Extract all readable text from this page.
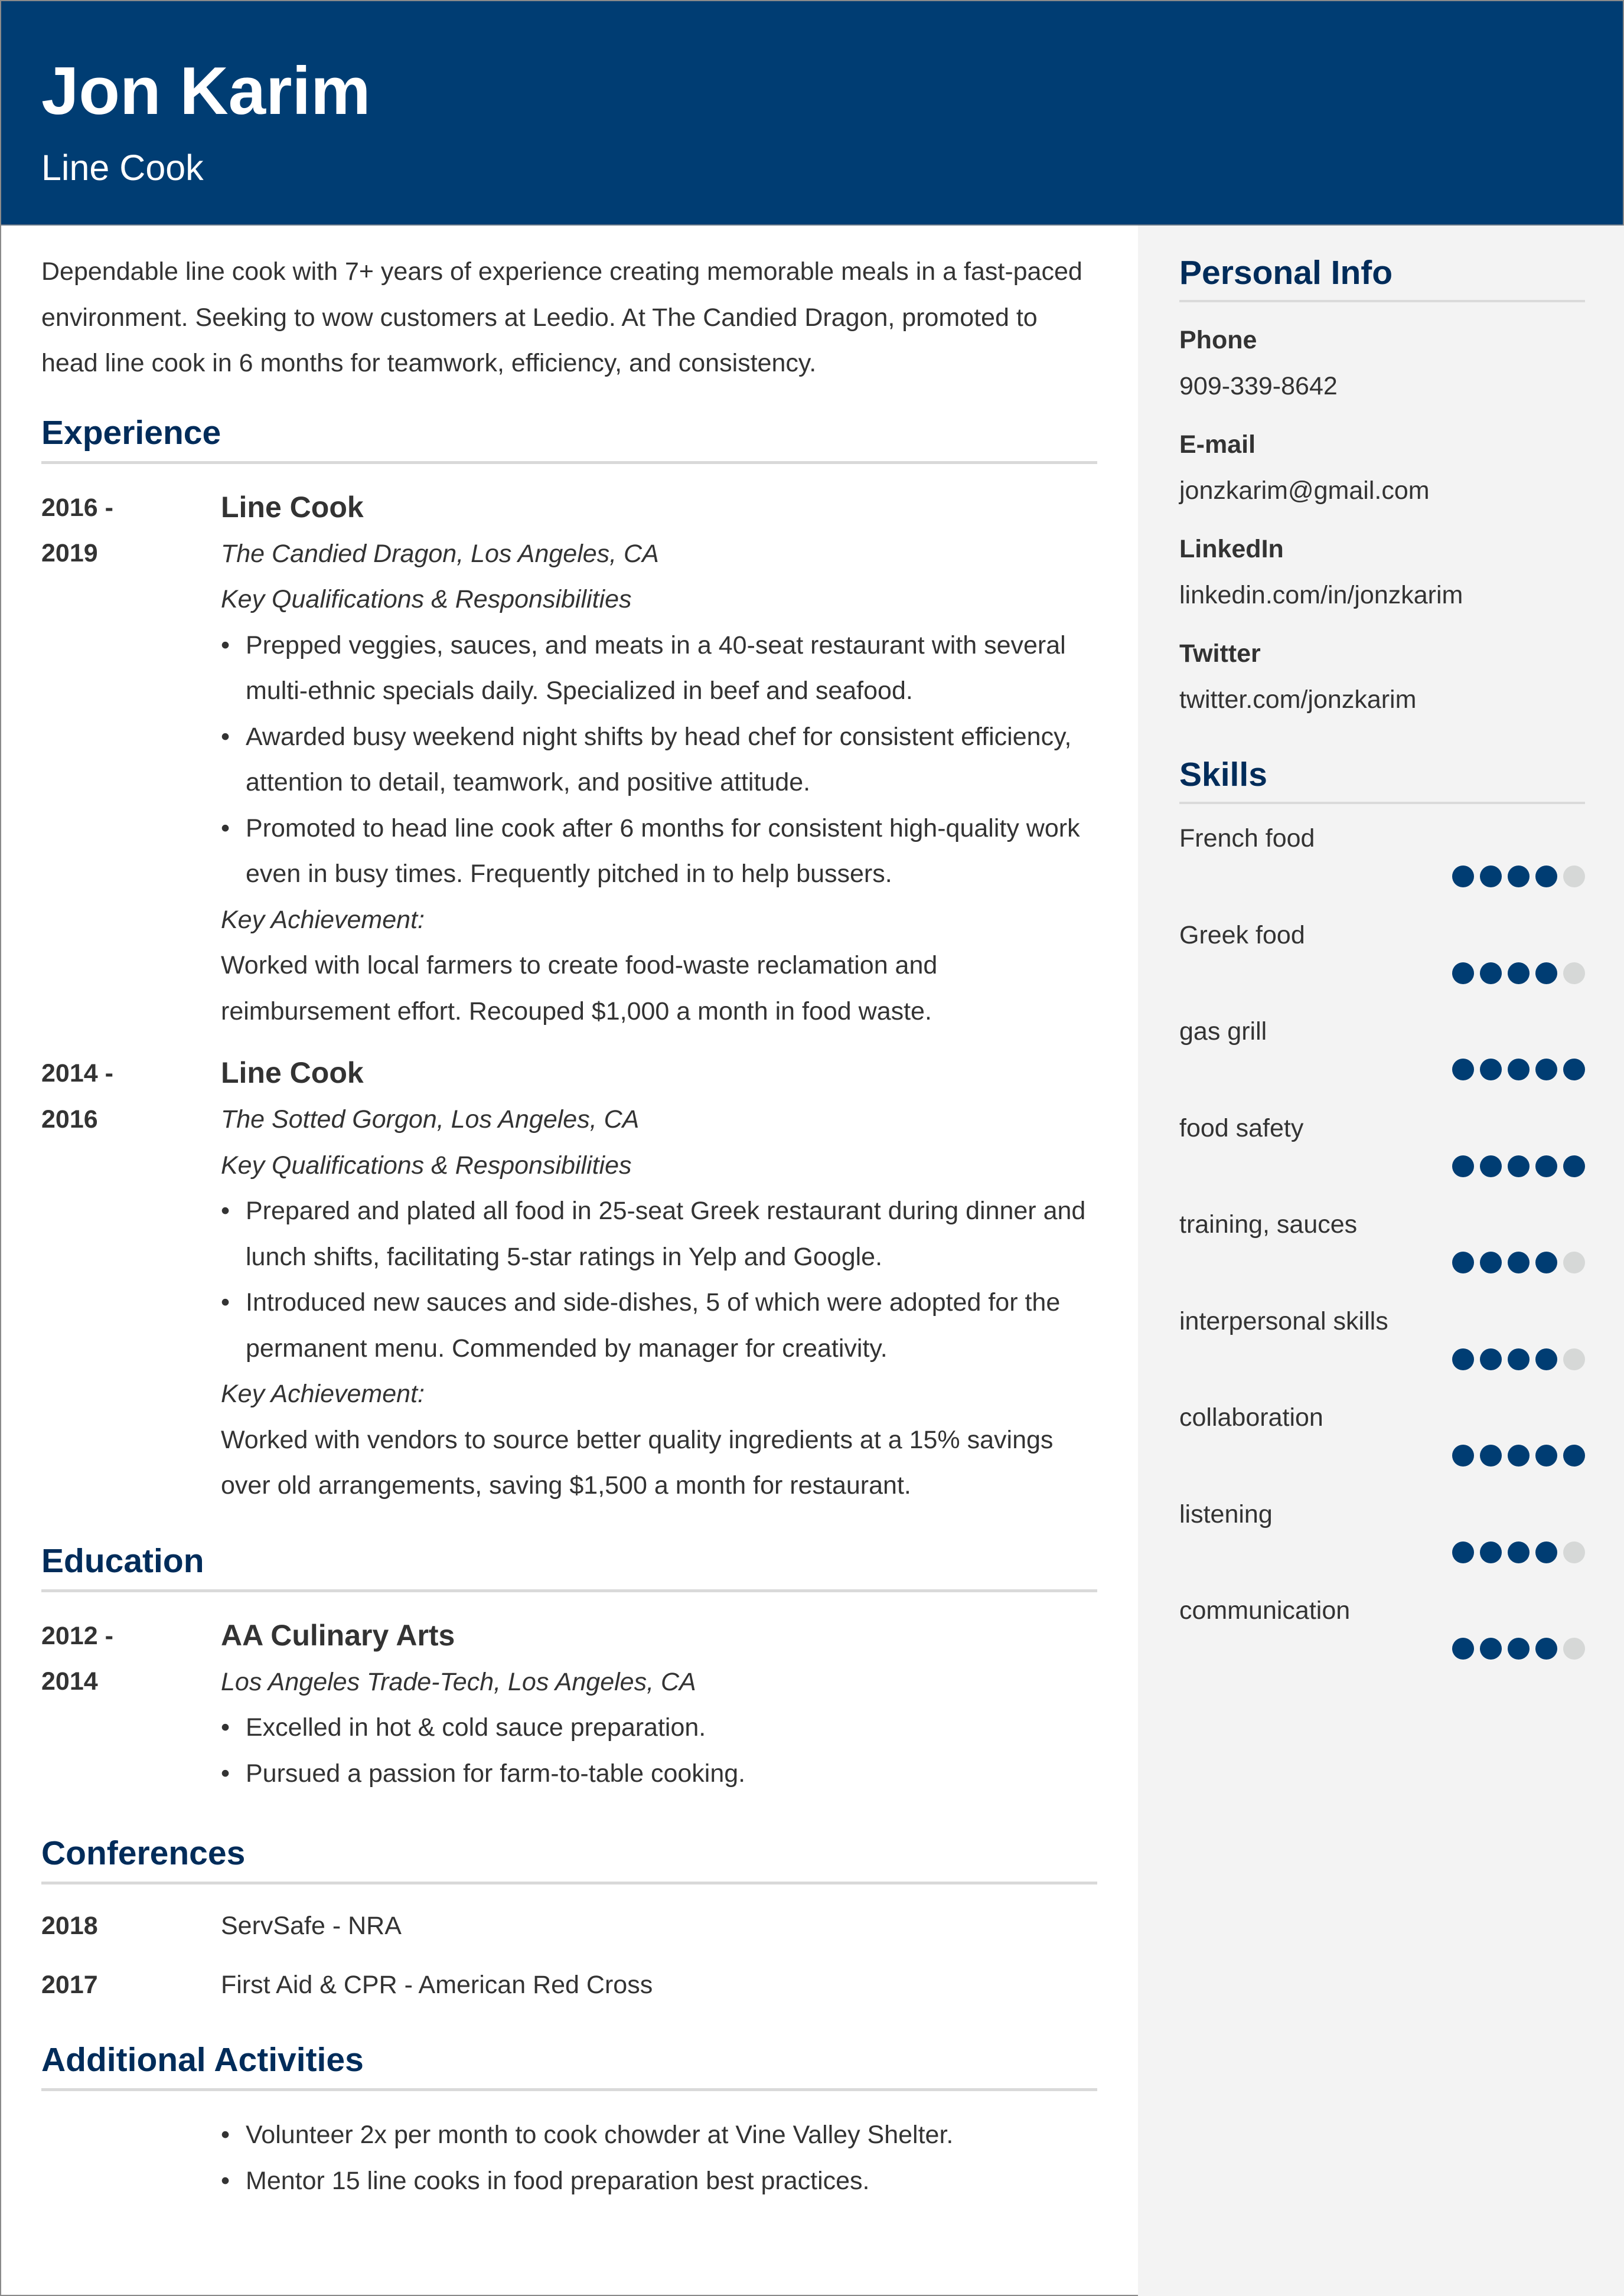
Jon Karim
Line Cook
Personal Info
Phone
909-339-8642
E-mail
jonzkarim@gmail.com
LinkedIn
linkedin.com/in/jonzkarim
Twitter
twitter.com/jonzkarim
Skills
French food
Greek food
gas grill
food safety
training, sauces
interpersonal skills
collaboration
listening
communication
Dependable line cook with 7+ years of experience creating memorable meals in a fast-paced environment. Seeking to wow customers at Leedio. At The Candied Dragon, promoted to head line cook in 6 months for teamwork, efficiency, and consistency.
Experience
2016 -
2019
Line Cook
The Candied Dragon, Los Angeles, CA
Key Qualifications & Responsibilities
• Prepped veggies, sauces, and meats in a 40-seat restaurant with several multi-ethnic specials daily. Specialized in beef and seafood.
• Awarded busy weekend night shifts by head chef for consistent efficiency, attention to detail, teamwork, and positive attitude.
• Promoted to head line cook after 6 months for consistent high-quality work even in busy times. Frequently pitched in to help bussers.
Key Achievement:
Worked with local farmers to create food-waste reclamation and reimbursement effort. Recouped $1,000 a month in food waste.
2014 -
2016
Line Cook
The Sotted Gorgon, Los Angeles, CA
Key Qualifications & Responsibilities
• Prepared and plated all food in 25-seat Greek restaurant during dinner and lunch shifts, facilitating 5-star ratings in Yelp and Google.
• Introduced new sauces and side-dishes, 5 of which were adopted for the permanent menu. Commended by manager for creativity.
Key Achievement:
Worked with vendors to source better quality ingredients at a 15% savings over old arrangements, saving $1,500 a month for restaurant.
Education
2012 -
2014
AA Culinary Arts
Los Angeles Trade-Tech, Los Angeles, CA
• Excelled in hot & cold sauce preparation.
• Pursued a passion for farm-to-table cooking.
Conferences
2018	ServSafe - NRA
2017	First Aid & CPR - American Red Cross
Additional Activities
• Volunteer 2x per month to cook chowder at Vine Valley Shelter.
• Mentor 15 line cooks in food preparation best practices.
